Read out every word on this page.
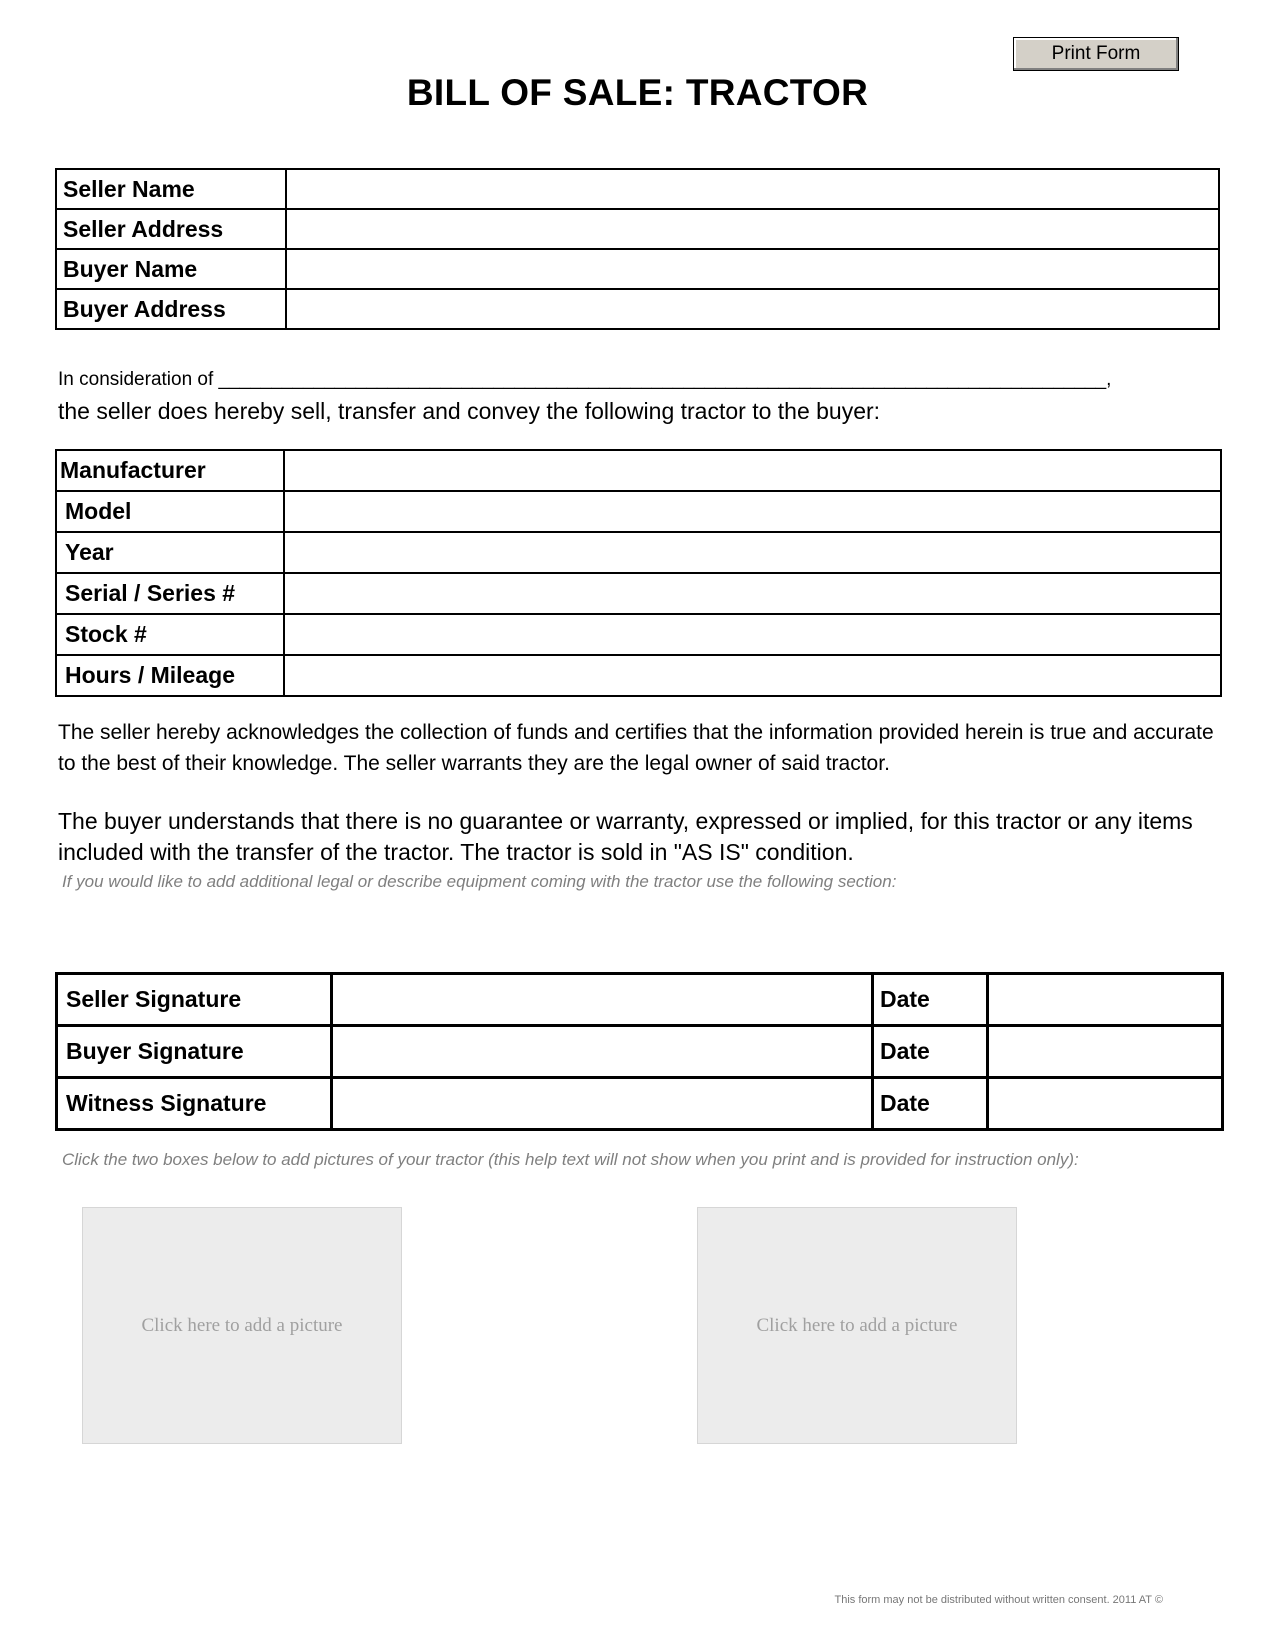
Print Form
BILL OF SALE: TRACTOR
Seller Name	
Seller Address	
Buyer Name	
Buyer Address	
In consideration of ____________________________________________________________________________________,
the seller does hereby sell, transfer and convey the following tractor to the buyer:
Manufacturer	
Model	
Year	
Serial / Series #	
Stock #	
Hours / Mileage	
The seller hereby acknowledges the collection of funds and certifies that the information provided herein is true and accurate to the best of their knowledge. The seller warrants they are the legal owner of said tractor.
The buyer understands that there is no guarantee or warranty, expressed or implied, for this tractor or any items included with the transfer of the tractor. The tractor is sold in "AS IS" condition.
If you would like to add additional legal or describe equipment coming with the tractor use the following section:
Seller Signature		Date	
Buyer Signature		Date	
Witness Signature		Date	
Click the two boxes below to add pictures of your tractor (this help text will not show when you print and is provided for instruction only):
Click here to add a picture	Click here to add a picture
This form may not be distributed without written consent. 2011 AT ©
